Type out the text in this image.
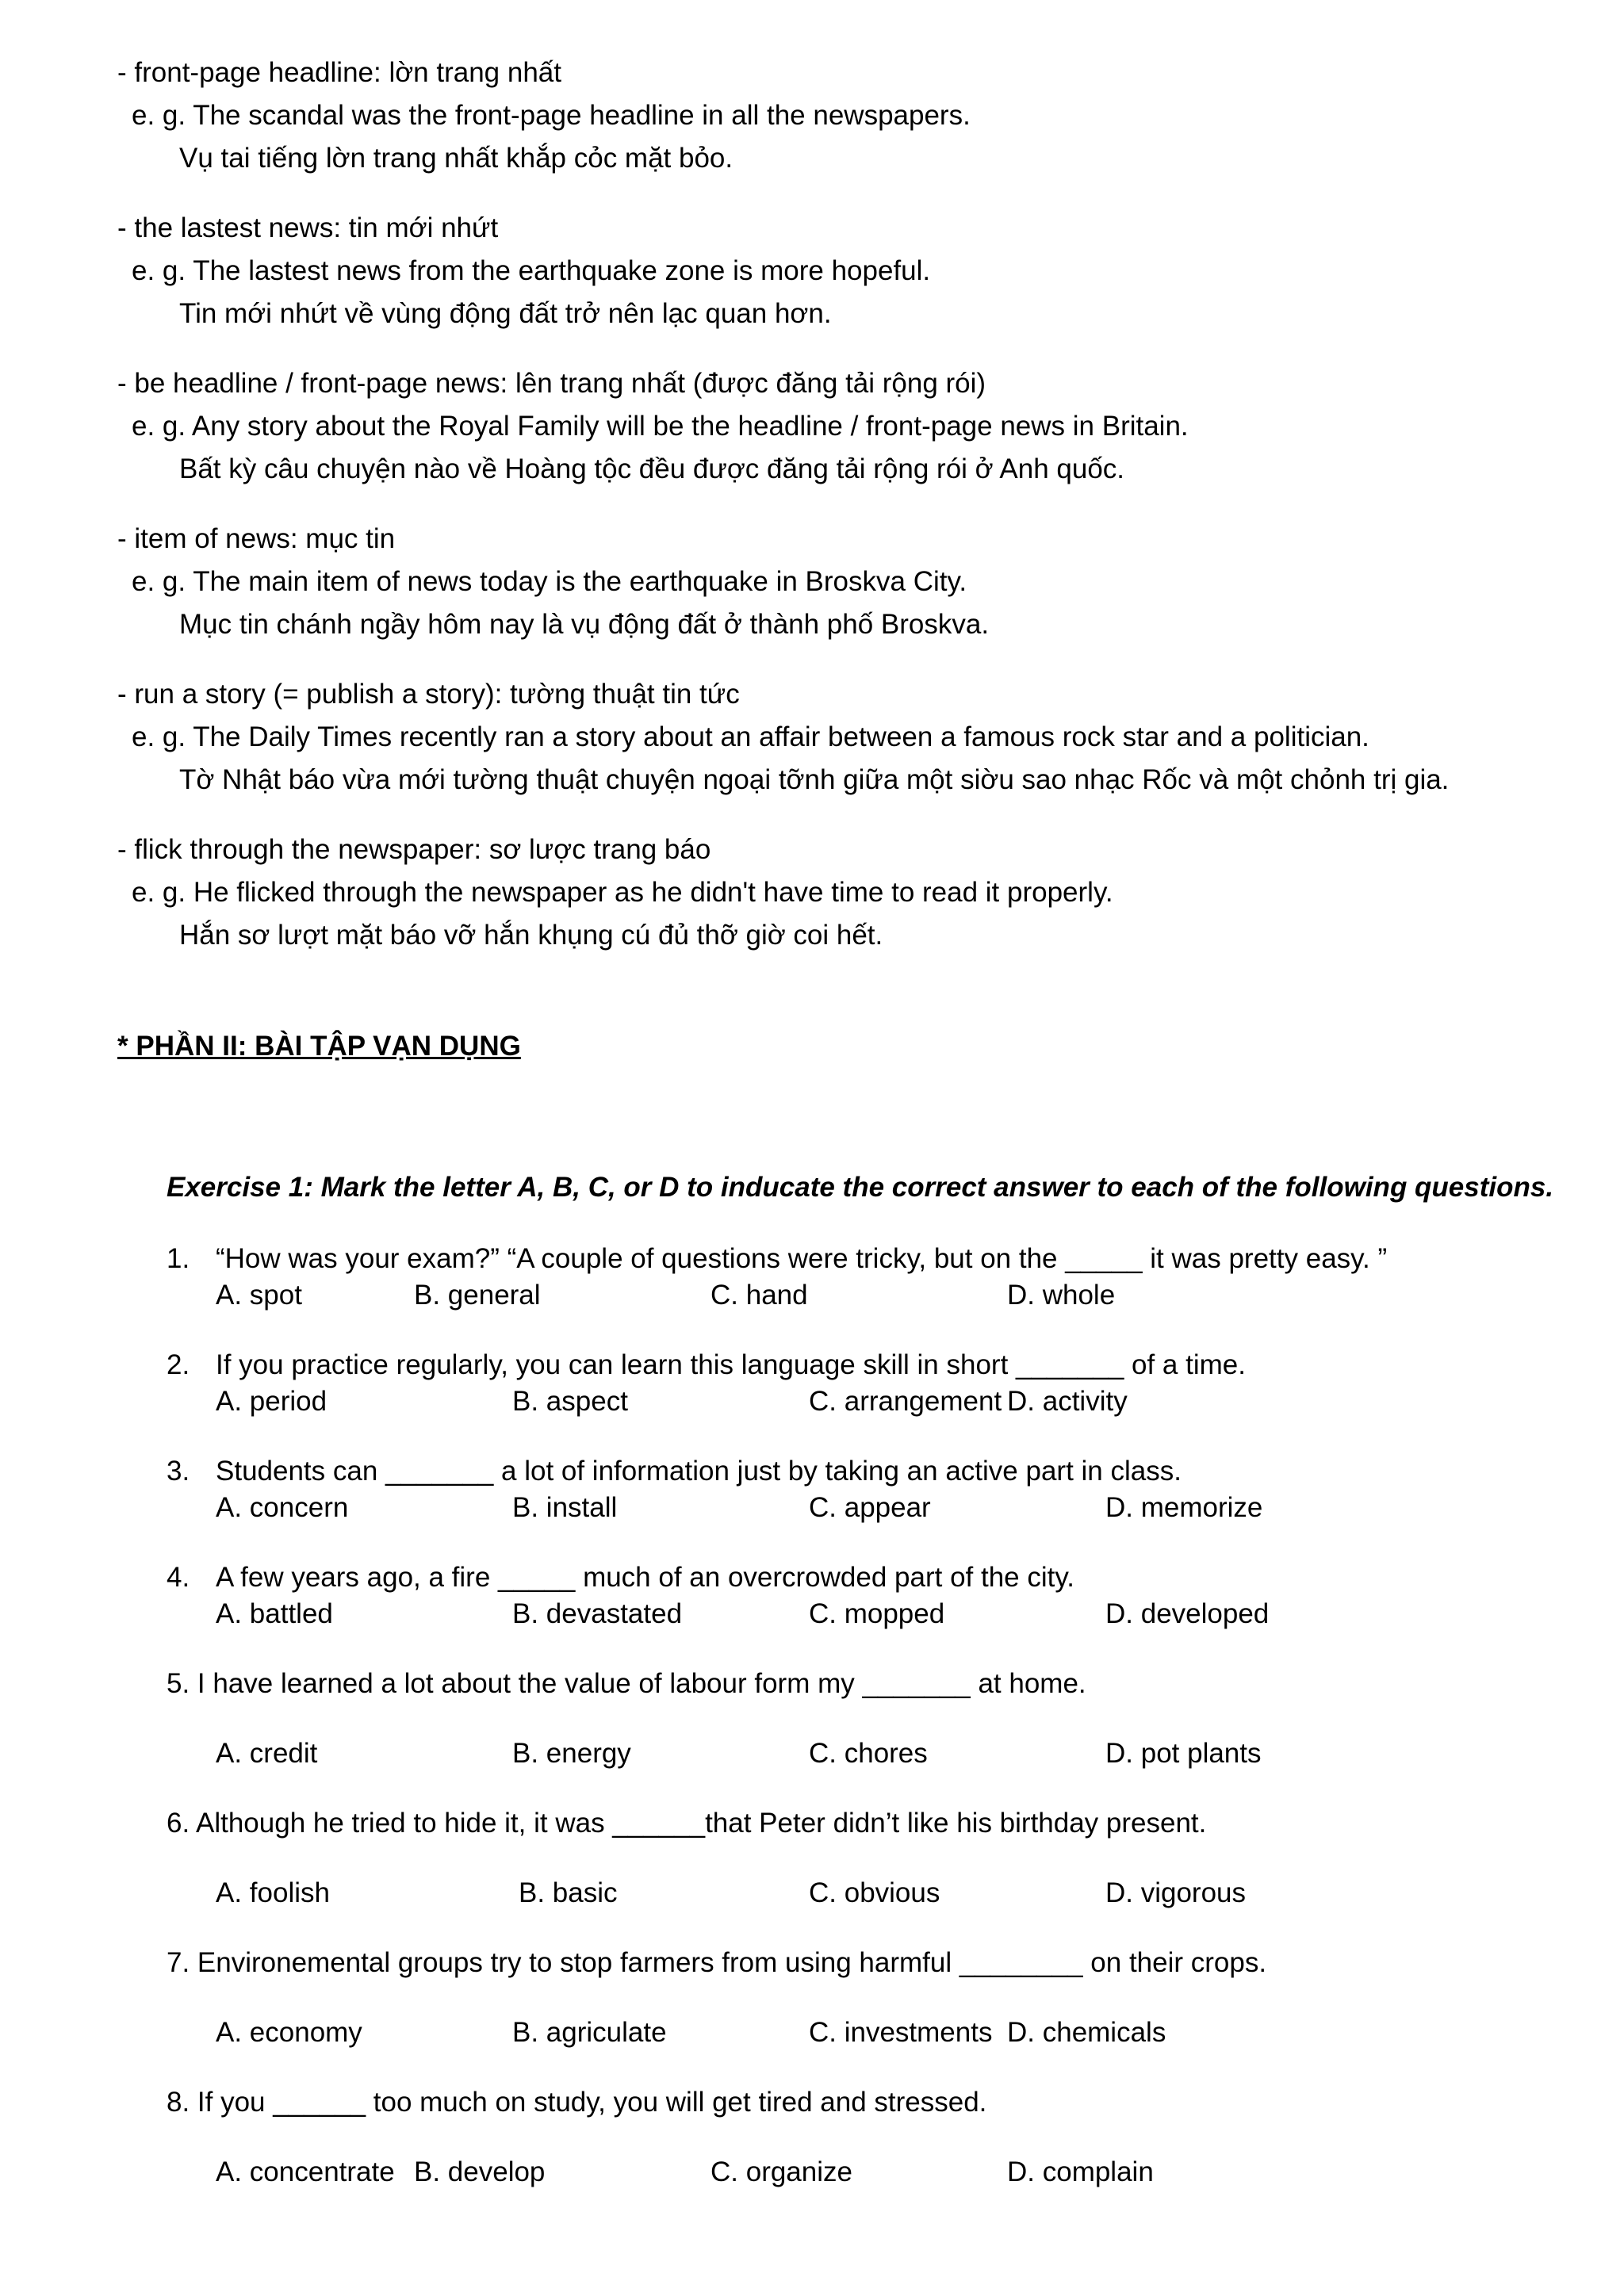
- front-page headline: lờn trang nhất
e. g. The scandal was the front-page headline in all the newspapers.
Vụ tai tiếng lờn trang nhất khắp cỏc mặt bỏo.
- the lastest news: tin mới nhứt
e. g. The lastest news from the earthquake zone is more hopeful.
Tin mới nhứt về vùng động đất trở nên lạc quan hơn.
- be headline / front-page news: lên trang nhất (được đăng tải rộng rói)
e. g. Any story about the Royal Family will be the headline / front-page news in Britain.
Bất kỳ câu chuyện nào về Hoàng tộc đều được đăng tải rộng rói ở Anh quốc.
- item of news: mục tin
e. g. The main item of news today is the earthquake in Broskva City.
Mục tin chánh ngầy hôm nay là vụ động đất ở thành phố Broskva.
- run a story (= publish a story): tường thuật tin tức
e. g. The Daily Times recently ran a story about an affair between a famous rock star and a politician.
Tờ Nhật báo vừa mới tường thuật chuyện ngoại tỡnh giữa một siờu sao nhạc Rốc và một chỏnh trị gia.
- flick through the newspaper: sơ lược trang báo
e. g. He flicked through the newspaper as he didn't have time to read it properly.
Hắn sơ lượt mặt báo vỡ hắn khụng cú đủ thỡ giờ coi hết.
* PHẦN II: BÀI TẬP VẠN DỤNG
Exercise 1: Mark the letter A, B, C, or D to inducate the correct answer to each of the following questions.
1. “How was your exam?” “A couple of questions were tricky, but on the _____ it was pretty easy. ”
A. spot	B. general	C. hand	D. whole
2. If you practice regularly, you can learn this language skill in short _______ of a time.
A. period	B. aspect	C. arrangement D. activity
3. Students can _______ a lot of information just by taking an active part in class.
A. concern	B. install	C. appear	D. memorize
4. A few years ago, a fire _____ much of an overcrowded part of the city.
A. battled	B. devastated	C. mopped	D. developed
5. I have learned a lot about the value of labour form my _______ at home.
A. credit	B. energy	C. chores	D. pot plants
6. Although he tried to hide it, it was ______that Peter didn’t like his birthday present.
A. foolish	B. basic	C. obvious	D. vigorous
7. Environemental groups try to stop farmers from using harmful ________ on their crops.
A. economy	B. agriculate	C. investments D. chemicals
8. If you ______ too much on study, you will get tired and stressed.
A. concentrate B. develop	C. organize	D. complain
